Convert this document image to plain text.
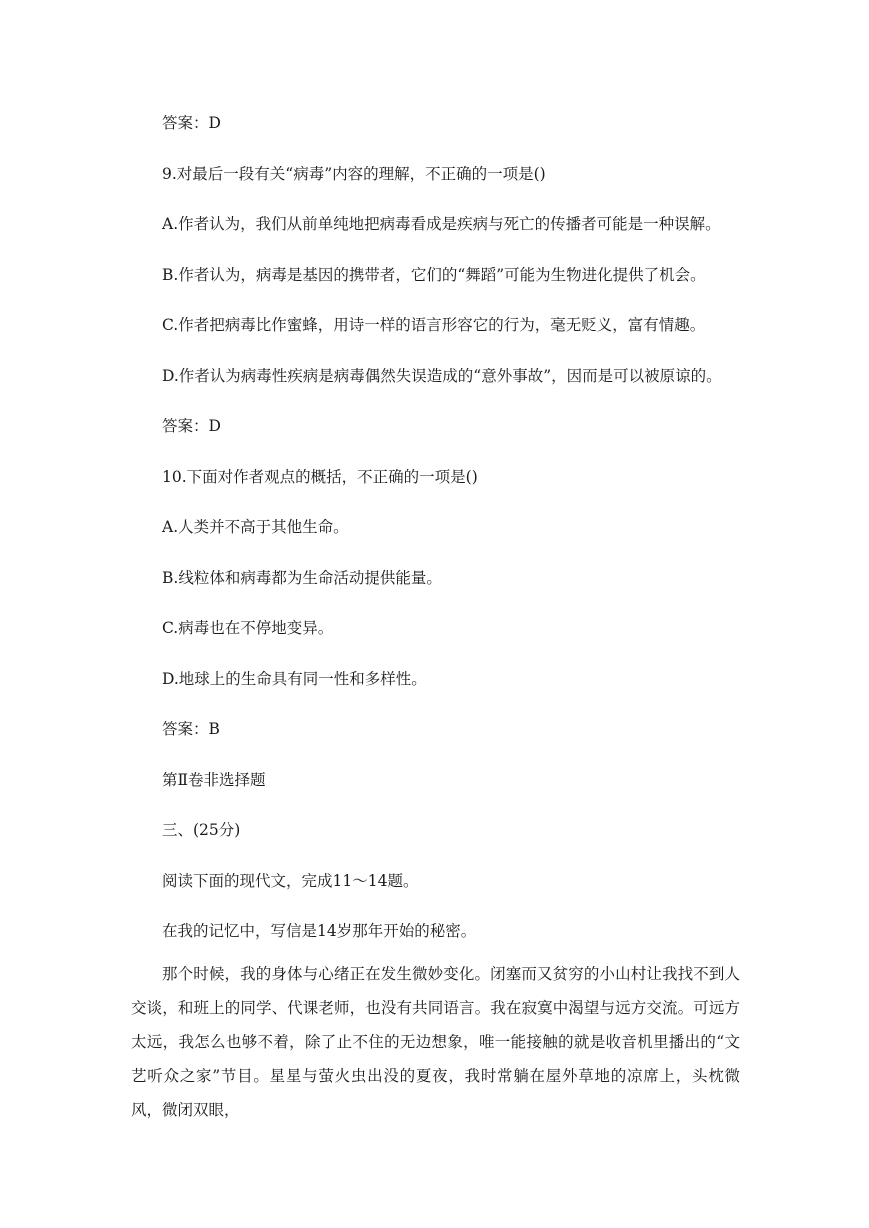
答案：D
9.对最后一段有关“病毒”内容的理解，不正确的一项是()
A.作者认为，我们从前单纯地把病毒看成是疾病与死亡的传播者可能是一种误解。
B.作者认为，病毒是基因的携带者，它们的“舞蹈”可能为生物进化提供了机会。
C.作者把病毒比作蜜蜂，用诗一样的语言形容它的行为，毫无贬义，富有情趣。
D.作者认为病毒性疾病是病毒偶然失误造成的“意外事故”，因而是可以被原谅的。
答案：D
10.下面对作者观点的概括，不正确的一项是()
A.人类并不高于其他生命。
B.线粒体和病毒都为生命活动提供能量。
C.病毒也在不停地变异。
D.地球上的生命具有同一性和多样性。
答案：B
第Ⅱ卷非选择题
三、(25分)
阅读下面的现代文，完成11～14题。
在我的记忆中，写信是14岁那年开始的秘密。
那个时候，我的身体与心绪正在发生微妙变化。闭塞而又贫穷的小山村让我找不到人交谈，和班上的同学、代课老师，也没有共同语言。我在寂寞中渴望与远方交流。可远方太远，我怎么也够不着，除了止不住的无边想象，唯一能接触的就是收音机里播出的“文艺听众之家”节目。星星与萤火虫出没的夏夜，我时常躺在屋外草地的凉席上，头枕微风，微闭双眼，
